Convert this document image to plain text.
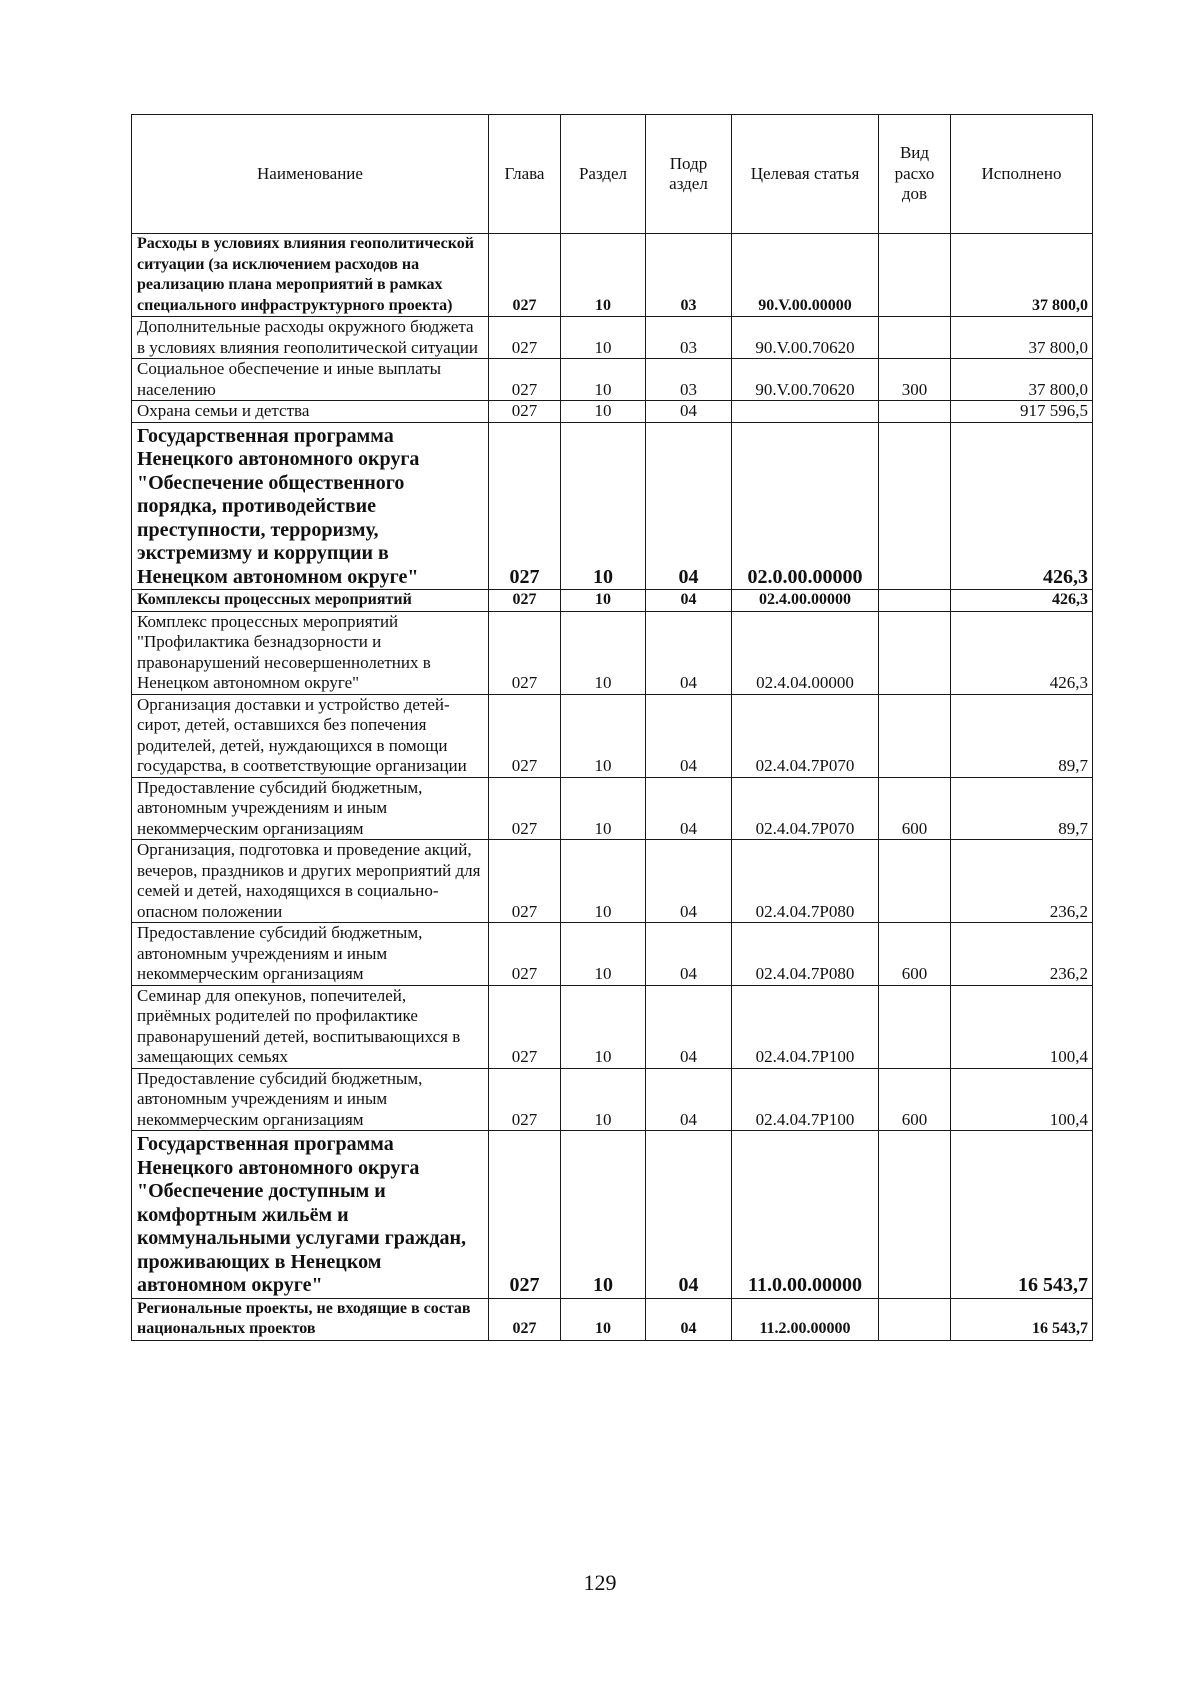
Наименование	Глава	Раздел	Подр аздел	Целевая статья	Вид расхо дов	Исполнено
Расходы в условиях влияния геополитической ситуации (за исключением расходов на реализацию плана мероприятий в рамках специального инфраструктурного проекта)	027	10	03	90.V.00.00000		37 800,0
Дополнительные расходы окружного бюджета в условиях влияния геополитической ситуации	027	10	03	90.V.00.70620		37 800,0
Социальное обеспечение и иные выплаты населению	027	10	03	90.V.00.70620	300	37 800,0
Охрана семьи и детства	027	10	04			917 596,5
Государственная программа Ненецкого автономного округа "Обеспечение общественного порядка, противодействие преступности, терроризму, экстремизму и коррупции в Ненецком автономном округе"	027	10	04	02.0.00.00000		426,3
Комплексы процессных мероприятий	027	10	04	02.4.00.00000		426,3
Комплекс процессных мероприятий "Профилактика безнадзорности и правонарушений несовершеннолетних в Ненецком автономном округе"	027	10	04	02.4.04.00000		426,3
Организация доставки и устройство детей-сирот, детей, оставшихся без попечения родителей, детей, нуждающихся в помощи государства, в соответствующие организации	027	10	04	02.4.04.7Р070		89,7
Предоставление субсидий бюджетным, автономным учреждениям и иным некоммерческим организациям	027	10	04	02.4.04.7Р070	600	89,7
Организация, подготовка и проведение акций, вечеров, праздников и других мероприятий для семей и детей, находящихся в социально-опасном положении	027	10	04	02.4.04.7Р080		236,2
Предоставление субсидий бюджетным, автономным учреждениям и иным некоммерческим организациям	027	10	04	02.4.04.7Р080	600	236,2
Семинар для опекунов, попечителей, приёмных родителей по профилактике правонарушений детей, воспитывающихся в замещающих семьях	027	10	04	02.4.04.7Р100		100,4
Предоставление субсидий бюджетным, автономным учреждениям и иным некоммерческим организациям	027	10	04	02.4.04.7Р100	600	100,4
Государственная программа Ненецкого автономного округа "Обеспечение доступным и комфортным жильём и коммунальными услугами граждан, проживающих в Ненецком автономном округе"	027	10	04	11.0.00.00000		16 543,7
Региональные проекты, не входящие в состав национальных проектов	027	10	04	11.2.00.00000		16 543,7
129
